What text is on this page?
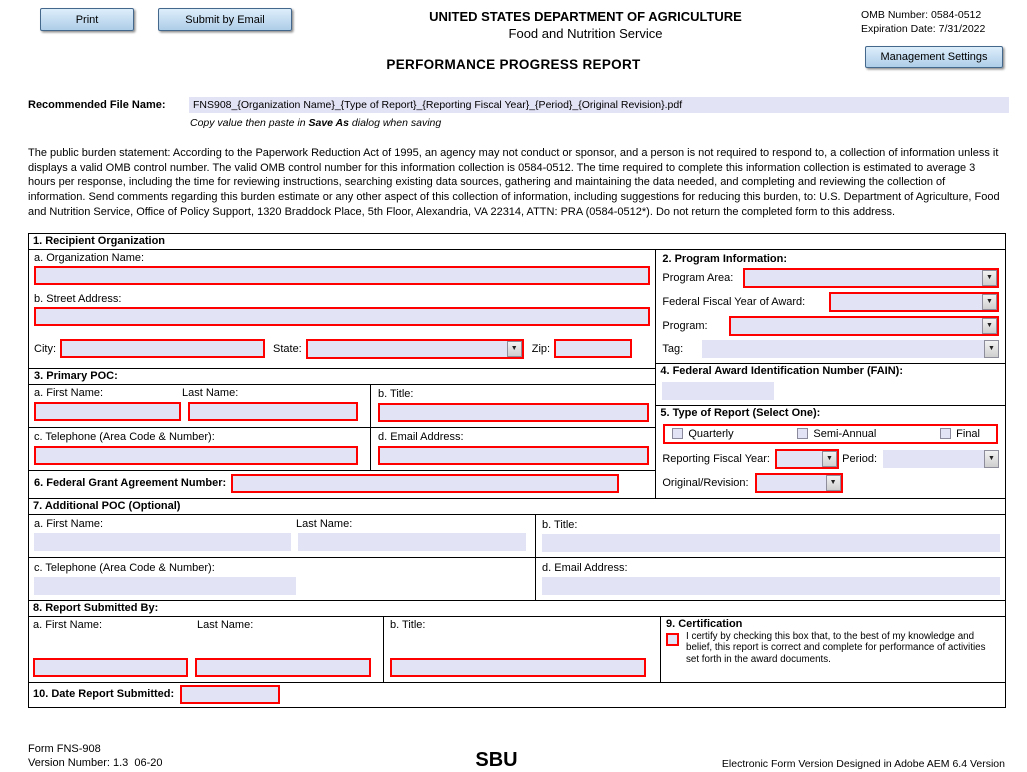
Print	Submit by Email	UNITED STATES DEPARTMENT OF AGRICULTURE
Food and Nutrition Service
OMB Number: 0584-0512
Expiration Date: 7/31/2022
PERFORMANCE PROGRESS REPORT	Management Settings
Recommended File Name:	FNS908_{Organization Name}_{Type of Report}_{Reporting Fiscal Year}_{Period}_{Original Revision}.pdf
Copy value then paste in Save As dialog when saving
The public burden statement: According to the Paperwork Reduction Act of 1995, an agency may not conduct or sponsor, and a person is not required to respond to, a collection of information unless it displays a valid OMB control number. The valid OMB control number for this information collection is 0584-0512. The time required to complete this information collection is estimated to average 3 hours per response, including the time for reviewing instructions, searching existing data sources, gathering and maintaining the data needed, and completing and reviewing the collection of information. Send comments regarding this burden estimate or any other aspect of this collection of information, including suggestions for reducing this burden, to: U.S. Department of Agriculture, Food and Nutrition Service, Office of Policy Support, 1320 Braddock Place, 5th Floor, Alexandria, VA 22314, ATTN: PRA (0584-0512*). Do not return the completed form to this address.
1. Recipient Organization
a. Organization Name:
b. Street Address:
City:	State:	▼	Zip:
3. Primary POC:
a. First Name:	Last Name:	b. Title:
c. Telephone (Area Code & Number):	d. Email Address:
6. Federal Grant Agreement Number:
2. Program Information:
Program Area:	▼
Federal Fiscal Year of Award:	▼
Program:	▼
Tag:	▼
4. Federal Award Identification Number (FAIN):
5. Type of Report (Select One):
Quarterly	Semi-Annual	Final
Reporting Fiscal Year:	▼ Period:	▼
Original/Revision:	▼
7. Additional POC (Optional)
a. First Name:	Last Name:	b. Title:
c. Telephone (Area Code & Number):	d. Email Address:
8. Report Submitted By:
a. First Name:	Last Name:	b. Title:	9. Certification
I certify by checking this box that, to the best of my knowledge and belief, this report is correct and complete for performance of activities set forth in the award documents.
10. Date Report Submitted:
Form FNS-908
Version Number: 1.3  06-20	SBU	Electronic Form Version Designed in Adobe AEM 6.4 Version
